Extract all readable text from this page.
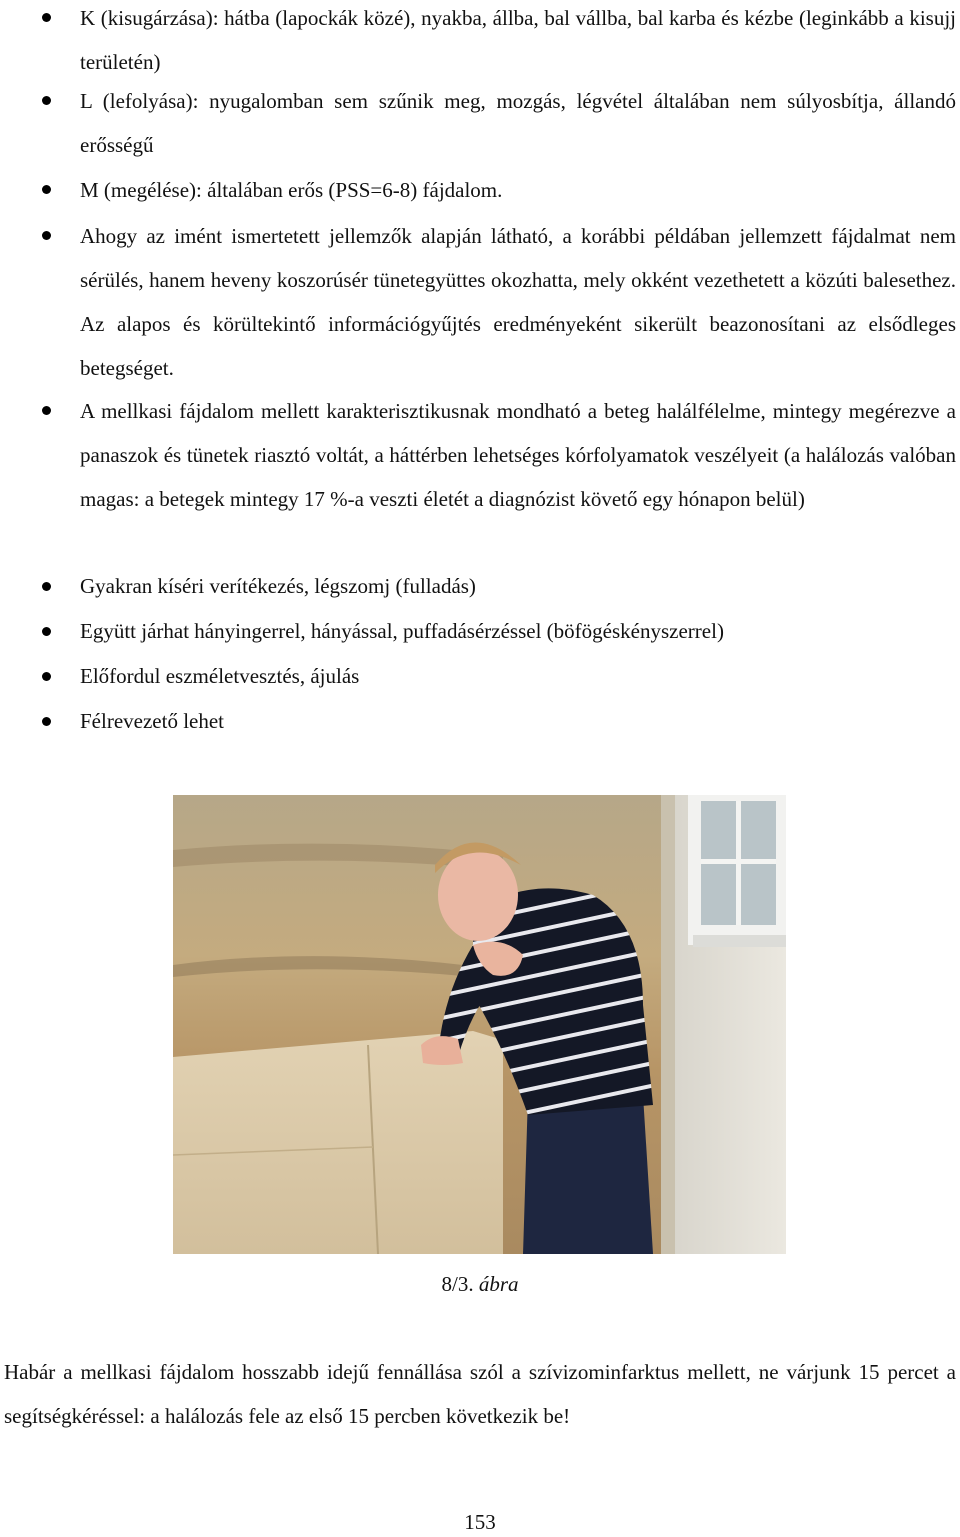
K (kisugárzása): hátba (lapockák közé), nyakba, állba, bal vállba, bal karba és kézbe (leginkább a kisujj területén)
L (lefolyása): nyugalomban sem szűnik meg, mozgás, légvétel általában nem súlyosbítja, állandó erősségű
M (megélése): általában erős (PSS=6-8) fájdalom.
Ahogy az imént ismertetett jellemzők alapján látható, a korábbi példában jellemzett fájdalmat nem sérülés, hanem heveny koszorúsér tünetegyüttes okozhatta, mely okként vezethetett a közúti balesethez. Az alapos és körültekintő információgyűjtés eredményeként sikerült beazonosítani az elsődleges betegséget.
A mellkasi fájdalom mellett karakterisztikusnak mondható a beteg halálfélelme, mintegy megérezve a panaszok és tünetek riasztó voltát, a háttérben lehetséges kórfolyamatok veszélyeit (a halálozás valóban magas: a betegek mintegy 17 %-a veszti életét a diagnózist követő egy hónapon belül)
Gyakran kíséri verítékezés, légszomj (fulladás)
Együtt járhat hányingerrel, hányással, puffadásérzéssel (böfögéskényszerrel)
Előfordul eszméletvesztés, ájulás
Félrevezető lehet
8/3. ábra
Habár a mellkasi fájdalom hosszabb idejű fennállása szól a szívizominfarktus mellett, ne várjunk 15 percet a segítségkéréssel: a halálozás fele az első 15 percben következik be!
153
